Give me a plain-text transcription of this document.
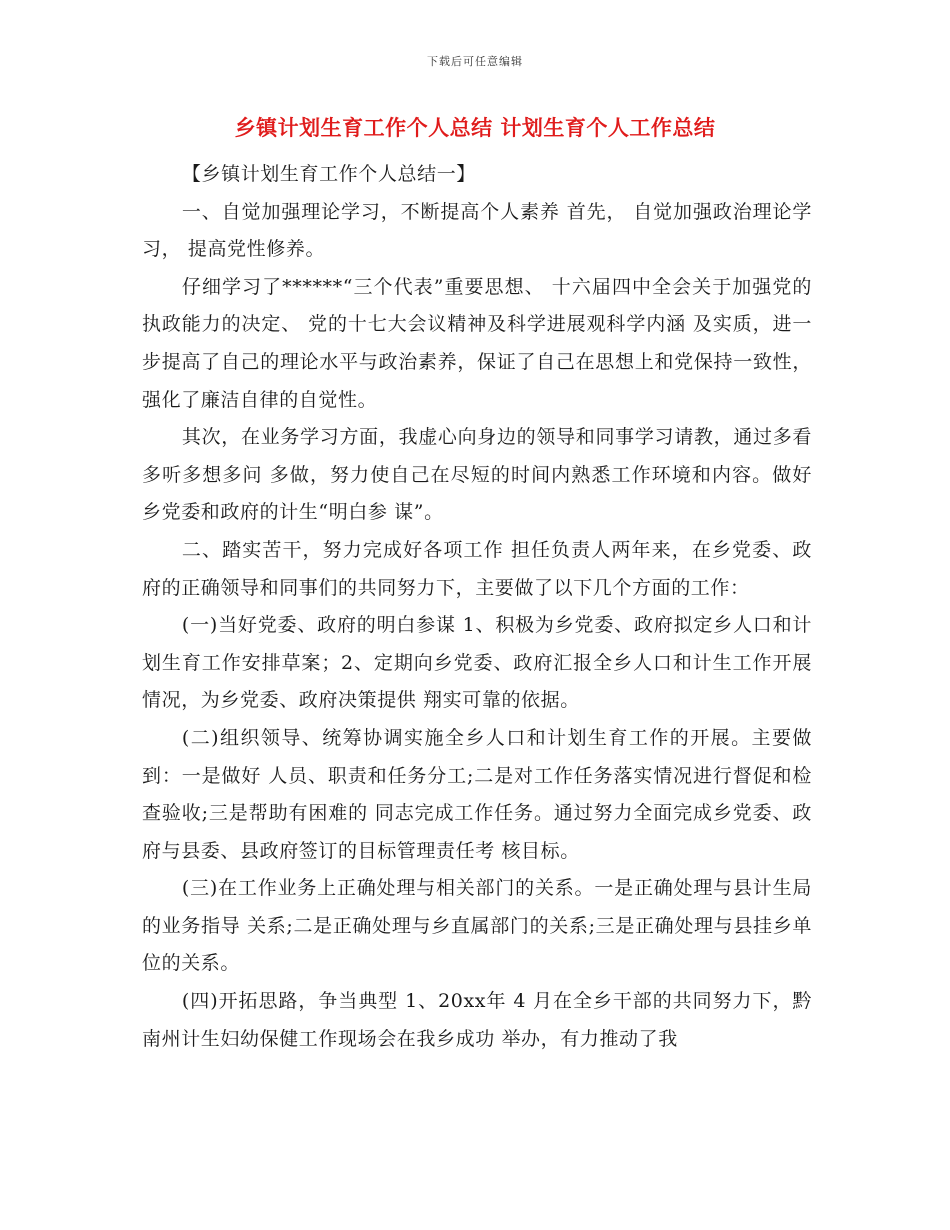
下载后可任意编辑
乡镇计划生育工作个人总结 计划生育个人工作总结

【乡镇计划生育工作个人总结一】

一、自觉加强理论学习，不断提高个人素养 首先， 自觉加强政治理论学习， 提高党性修养。

仔细学习了******“三个代表”重要思想、 十六届四中全会关于加强党的执政能力的决定、 党的十七大会议精神及科学进展观科学内涵 及实质，进一步提高了自己的理论水平与政治素养，保证了自己在思想上和党保持一致性， 强化了廉洁自律的自觉性。

其次，在业务学习方面，我虚心向身边的领导和同事学习请教，通过多看多听多想多问 多做，努力使自己在尽短的时间内熟悉工作环境和内容。做好乡党委和政府的计生“明白参 谋”。

二、踏实苦干，努力完成好各项工作 担任负责人两年来，在乡党委、政府的正确领导和同事们的共同努力下，主要做了以下几个方面的工作：

(一)当好党委、政府的明白参谋 1、积极为乡党委、政府拟定乡人口和计划生育工作安排草案；2、定期向乡党委、政府汇报全乡人口和计生工作开展情况，为乡党委、政府决策提供 翔实可靠的依据。

(二)组织领导、统筹协调实施全乡人口和计划生育工作的开展。主要做到：一是做好 人员、职责和任务分工;二是对工作任务落实情况进行督促和检查验收;三是帮助有困难的 同志完成工作任务。通过努力全面完成乡党委、政府与县委、县政府签订的目标管理责任考 核目标。

(三)在工作业务上正确处理与相关部门的关系。一是正确处理与县计生局的业务指导 关系;二是正确处理与乡直属部门的关系;三是正确处理与县挂乡单位的关系。

(四)开拓思路，争当典型 1、20xx年 4 月在全乡干部的共同努力下，黔南州计生妇幼保健工作现场会在我乡成功 举办，有力推动了我
